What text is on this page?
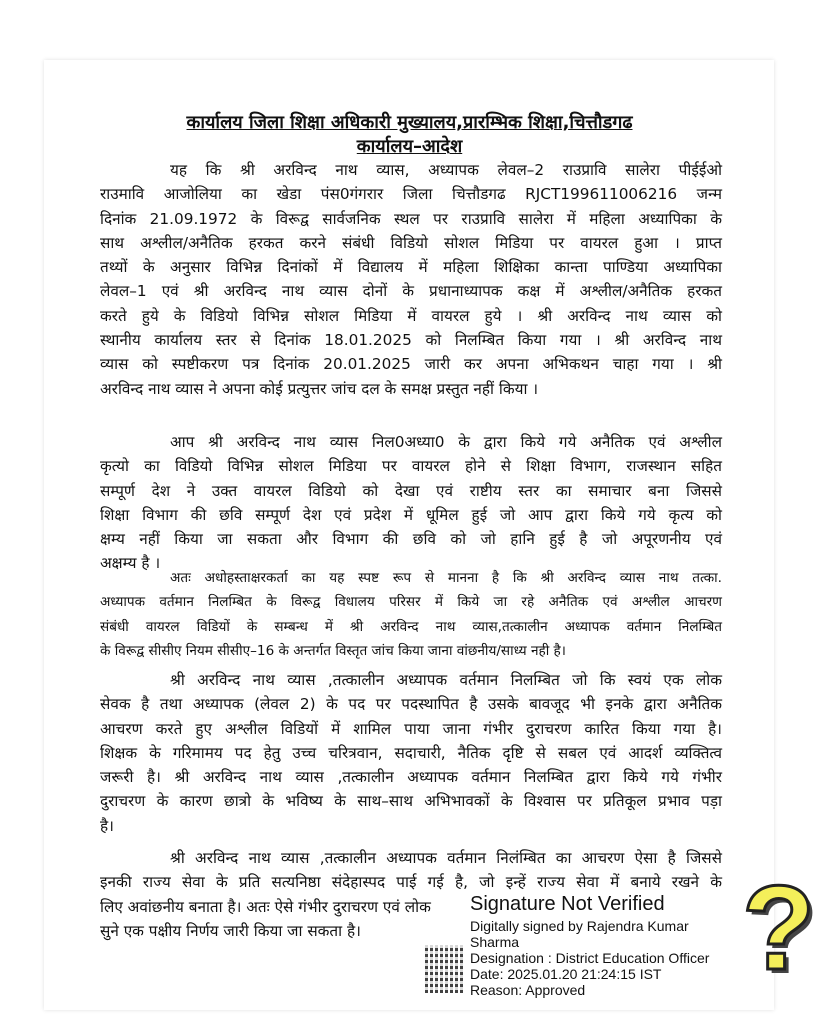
कार्यालय जिला शिक्षा अधिकारी मुख्यालय,प्रारम्भिक शिक्षा,चित्तौडगढ
कार्यालय–आदेश
यह कि श्री अरविन्द नाथ व्यास, अध्यापक लेवल–2 राउप्रावि सालेरा पीईईओ
राउमावि आजोलिया का खेडा पंस0गंगरार जिला चित्तौडगढ RJCT199611006216 जन्म
दिनांक 21.09.1972 के विरूद्व सार्वजनिक स्थल पर राउप्रावि सालेरा में महिला अध्यापिका के
साथ अश्लील/अनैतिक हरकत करने संबंधी विडियो सोशल मिडिया पर वायरल हुआ । प्राप्त
तथ्यों के अनुसार विभिन्न दिनांकों में विद्यालय में महिला शिक्षिका कान्ता पाण्डिया अध्यापिका
लेवल–1 एवं श्री अरविन्द नाथ व्यास दोनों के प्रधानाध्यापक कक्ष में अश्लील/अनैतिक हरकत
करते हुये के विडियो विभिन्न सोशल मिडिया में वायरल हुये । श्री अरविन्द नाथ व्यास को
स्थानीय कार्यालय स्तर से दिनांक 18.01.2025 को निलम्बित किया गया । श्री अरविन्द नाथ
व्यास को स्पष्टीकरण पत्र दिनांक 20.01.2025 जारी कर अपना अभिकथन चाहा गया । श्री
अरविन्द नाथ व्यास ने अपना कोई प्रत्युत्तर जांच दल के समक्ष प्रस्तुत नहीं किया ।
आप श्री अरविन्द नाथ व्यास निल0अध्या0 के द्वारा किये गये अनैतिक एवं अश्लील
कृत्यो का विडियो विभिन्न सोशल मिडिया पर वायरल होने से शिक्षा विभाग, राजस्थान सहित
सम्पूर्ण देश ने उक्त वायरल विडियो को देखा एवं राष्टीय स्तर का समाचार बना जिससे
शिक्षा विभाग की छवि सम्पूर्ण देश एवं प्रदेश में धूमिल हुई जो आप द्वारा किये गये कृत्य को
क्षम्य नहीं किया जा सकता और विभाग की छवि को जो हानि हुई है जो अपूरणनीय एवं
अक्षम्य है ।
अतः अधोहस्ताक्षरकर्ता का यह स्पष्ट रूप से मानना है कि श्री अरविन्द व्यास नाथ तत्का.
अध्यापक वर्तमान निलम्बित के विरूद्व विधालय परिसर में किये जा रहे अनैतिक एवं अश्लील आचरण
संबंधी वायरल विडियों के सम्बन्ध में श्री अरविन्द नाथ व्यास,तत्कालीन अध्यापक वर्तमान निलम्बित
के विरूद्व सीसीए नियम सीसीए–16 के अन्तर्गत विस्तृत जांच किया जाना वांछनीय/साध्य नही है।
श्री अरविन्द नाथ व्यास ,तत्कालीन अध्यापक वर्तमान निलम्बित जो कि स्वयं एक लोक
सेवक है तथा अध्यापक (लेवल 2) के पद पर पदस्थापित है उसके बावजूद भी इनके द्वारा अनैतिक
आचरण करते हुए अश्लील विडियों में शामिल पाया जाना गंभीर दुराचरण कारित किया गया है।
शिक्षक के गरिमामय पद हेतु उच्च चरित्रवान, सदाचारी, नैतिक दृष्टि से सबल एवं आदर्श व्यक्तित्व
जरूरी है। श्री अरविन्द नाथ व्यास ,तत्कालीन अध्यापक वर्तमान निलम्बित द्वारा किये गये गंभीर
दुराचरण के कारण छात्रो के भविष्य के साथ–साथ अभिभावकों के विश्वास पर प्रतिकूल प्रभाव पड़ा
है।
श्री अरविन्द नाथ व्यास ,तत्कालीन अध्यापक वर्तमान निलंम्बित का आचरण ऐसा है जिससे
इनकी राज्य सेवा के प्रति सत्यनिष्ठा संदेहास्पद पाई गई है, जो इन्हें राज्य सेवा में बनाये रखने के
लिए अवांछनीय बनाता है। अतः ऐसे गंभीर दुराचरण एवं लोक
सुने एक पक्षीय निर्णय जारी किया जा सकता है।
Signature Not Verified
Digitally signed by Rajendra Kumar
Sharma
Designation : District Education Officer
Date: 2025.01.20 21:24:15 IST
Reason: Approved ?
